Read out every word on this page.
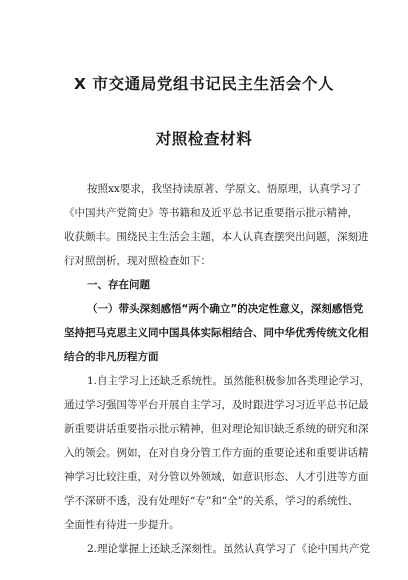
X 市交通局党组书记民主生活会个人
对照检查材料
按照xx要求，我坚持读原著、学原文、悟原理，认真学习了
《中国共产党简史》等书籍和及近平总书记重要指示批示精神，
收获颇丰。围绕民主生活会主题，本人认真查摆突出问题，深刻进
行对照剖析，现对照检查如下：
一、存在问题
（一）带头深刻感悟“两个确立”的决定性意义，深刻感悟党
坚持把马克思主义同中国具体实际相结合、同中华优秀传统文化相
结合的非凡历程方面
1.自主学习上还缺乏系统性。虽然能积极参加各类理论学习，
通过学习强国等平台开展自主学习，及时跟进学习习近平总书记最
新重要讲话重要指示批示精神，但对理论知识缺乏系统的研究和深
入的领会。例如，在对自身分管工作方面的重要论述和重要讲话精
神学习比较注重，对分管以外领域，如意识形态、人才引进等方面
学不深研不透，没有处理好“专”和“全”的关系，学习的系统性、
全面性有待进一步提升。
2.理论掌握上还缺乏深刻性。虽然认真学习了《论中国共产党
